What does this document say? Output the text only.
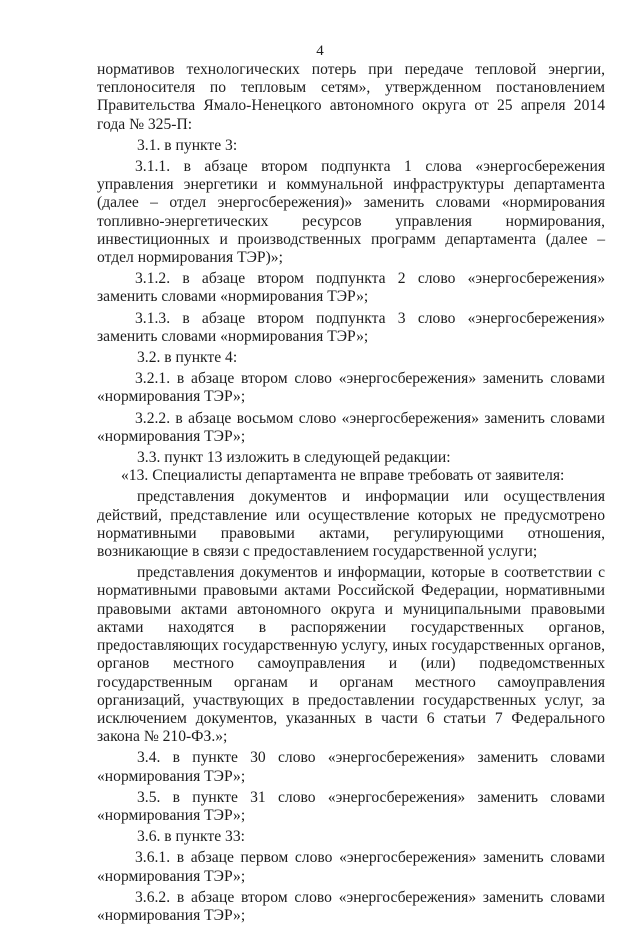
4

нормативов технологических потерь при передаче тепловой энергии, теплоносителя по тепловым сетям», утвержденном постановлением Правительства Ямало-Ненецкого автономного округа от 25 апреля 2014 года № 325-П:

3.1. в пункте 3:

3.1.1. в абзаце втором подпункта 1 слова «энергосбережения управления энергетики и коммунальной инфраструктуры департамента (далее – отдел энергосбережения)» заменить словами «нормирования топливно-энергетических ресурсов управления нормирования, инвестиционных и производственных программ департамента (далее – отдел нормирования ТЭР)»;

3.1.2. в абзаце втором подпункта 2 слово «энергосбережения» заменить словами «нормирования ТЭР»;

3.1.3. в абзаце втором подпункта 3 слово «энергосбережения» заменить словами «нормирования ТЭР»;

3.2. в пункте 4:

3.2.1. в абзаце втором слово «энергосбережения» заменить словами «нормирования ТЭР»;

3.2.2. в абзаце восьмом слово «энергосбережения» заменить словами «нормирования ТЭР»;

3.3. пункт 13 изложить в следующей редакции:

«13. Специалисты департамента не вправе требовать от заявителя:

представления документов и информации или осуществления действий, представление или осуществление которых не предусмотрено нормативными правовыми актами, регулирующими отношения, возникающие в связи с предоставлением государственной услуги;

представления документов и информации, которые в соответствии с нормативными правовыми актами Российской Федерации, нормативными правовыми актами автономного округа и муниципальными правовыми актами находятся в распоряжении государственных органов, предоставляющих государственную услугу, иных государственных органов, органов местного самоуправления и (или) подведомственных государственным органам и органам местного самоуправления организаций, участвующих в предоставлении государственных услуг, за исключением документов, указанных в части 6 статьи 7 Федерального закона № 210-ФЗ.»;

3.4. в пункте 30 слово «энергосбережения» заменить словами «нормирования ТЭР»;

3.5. в пункте 31 слово «энергосбережения» заменить словами «нормирования ТЭР»;

3.6. в пункте 33:

3.6.1. в абзаце первом слово «энергосбережения» заменить словами «нормирования ТЭР»;

3.6.2. в абзаце втором слово «энергосбережения» заменить словами «нормирования ТЭР»;
